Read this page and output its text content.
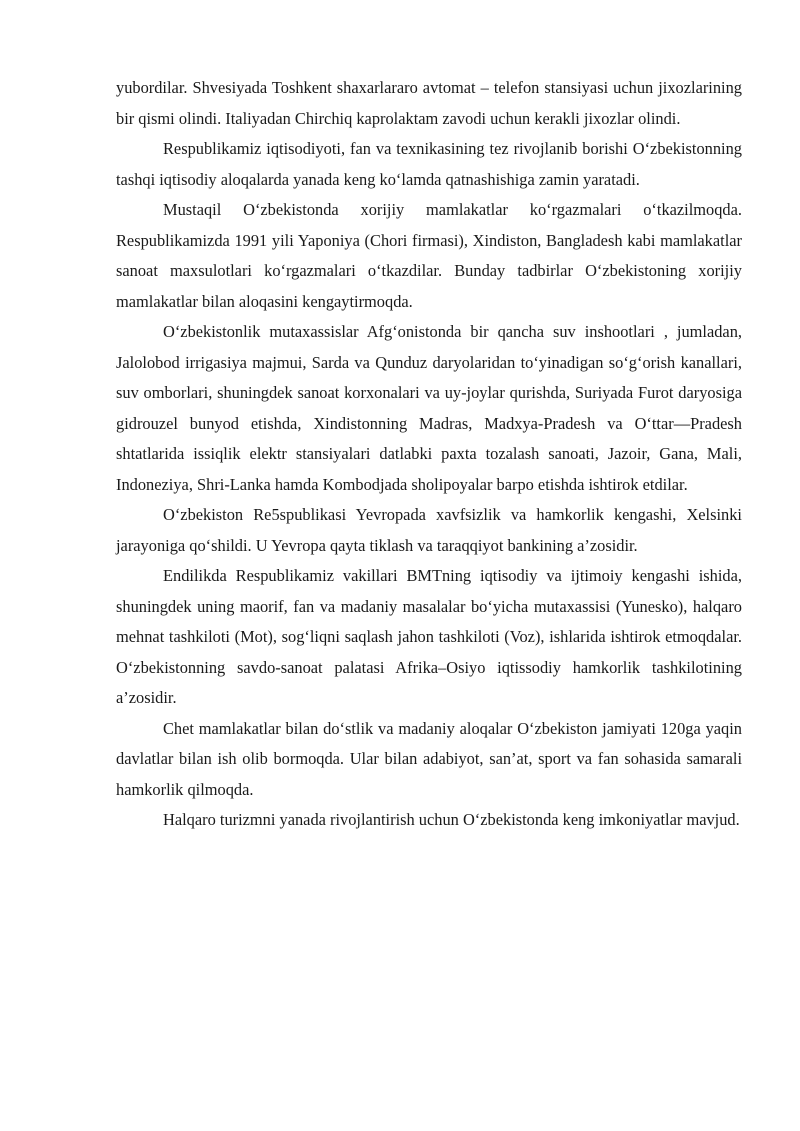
yubordilar. Shvesiyada Toshkent shaxarlararo avtomat – telefon stansiyasi uchun jixozlarining bir qismi olindi. Italiyadan Chirchiq kaprolaktam zavodi uchun kerakli jixozlar olindi.

Respublikamiz iqtisodiyoti, fan va texnikasining tez rivojlanib borishi O‘zbekistonning tashqi iqtisodiy aloqalarda yanada keng ko‘lamda qatnashishiga zamin yaratadi.

Mustaqil O‘zbekistonda xorijiy mamlakatlar ko‘rgazmalari o‘tkazilmoqda. Respublikamizda 1991 yili Yaponiya (Chori firmasi), Xindiston, Bangladesh kabi mamlakatlar sanoat maxsulotlari ko‘rgazmalari o‘tkazdilar. Bunday tadbirlar O‘zbekistoning xorijiy mamlakatlar bilan aloqasini kengaytirmoqda.

O‘zbekistonlik mutaxassislar Afg‘onistonda bir qancha suv inshootlari , jumladan, Jalolobod irrigasiya majmui, Sarda va Qunduz daryolaridan to‘yinadigan so‘g‘orish kanallari, suv omborlari, shuningdek sanoat korxonalari va uy-joylar qurishda, Suriyada Furot daryosiga gidrouzel bunyod etishda, Xindistonning Madras, Madxya-Pradesh va O‘ttar—Pradesh shtatlarida issiqlik elektr stansiyalari datlabki paxta tozalash sanoati, Jazoir, Gana, Mali, Indoneziya, Shri-Lanka hamda Kombodjada sholipoyalar barpo etishda ishtirok etdilar.

O‘zbekiston Re5spublikasi Yevropada xavfsizlik va hamkorlik kengashi, Xelsinki jarayoniga qo‘shildi. U Yevropa qayta tiklash va taraqqiyot bankining a’zosidir.

Endilikda Respublikamiz vakillari BMTning iqtisodiy va ijtimoiy kengashi ishida, shuningdek uning maorif, fan va madaniy masalalar bo‘yicha mutaxassisi (Yunesko), halqaro mehnat tashkiloti (Mot), sog‘liqni saqlash jahon tashkiloti (Voz), ishlarida ishtirok etmoqdalar. O‘zbekistonning savdo-sanoat palatasi Afrika–Osiyo iqtissodiy hamkorlik tashkilotining a’zosidir.

Chet mamlakatlar bilan do‘stlik va madaniy aloqalar O‘zbekiston jamiyati 120ga yaqin davlatlar bilan ish olib bormoqda. Ular bilan adabiyot, san’at, sport va fan sohasida samarali hamkorlik qilmoqda.

Halqaro turizmni yanada rivojlantirish uchun O‘zbekistonda keng imkoniyatlar mavjud.
